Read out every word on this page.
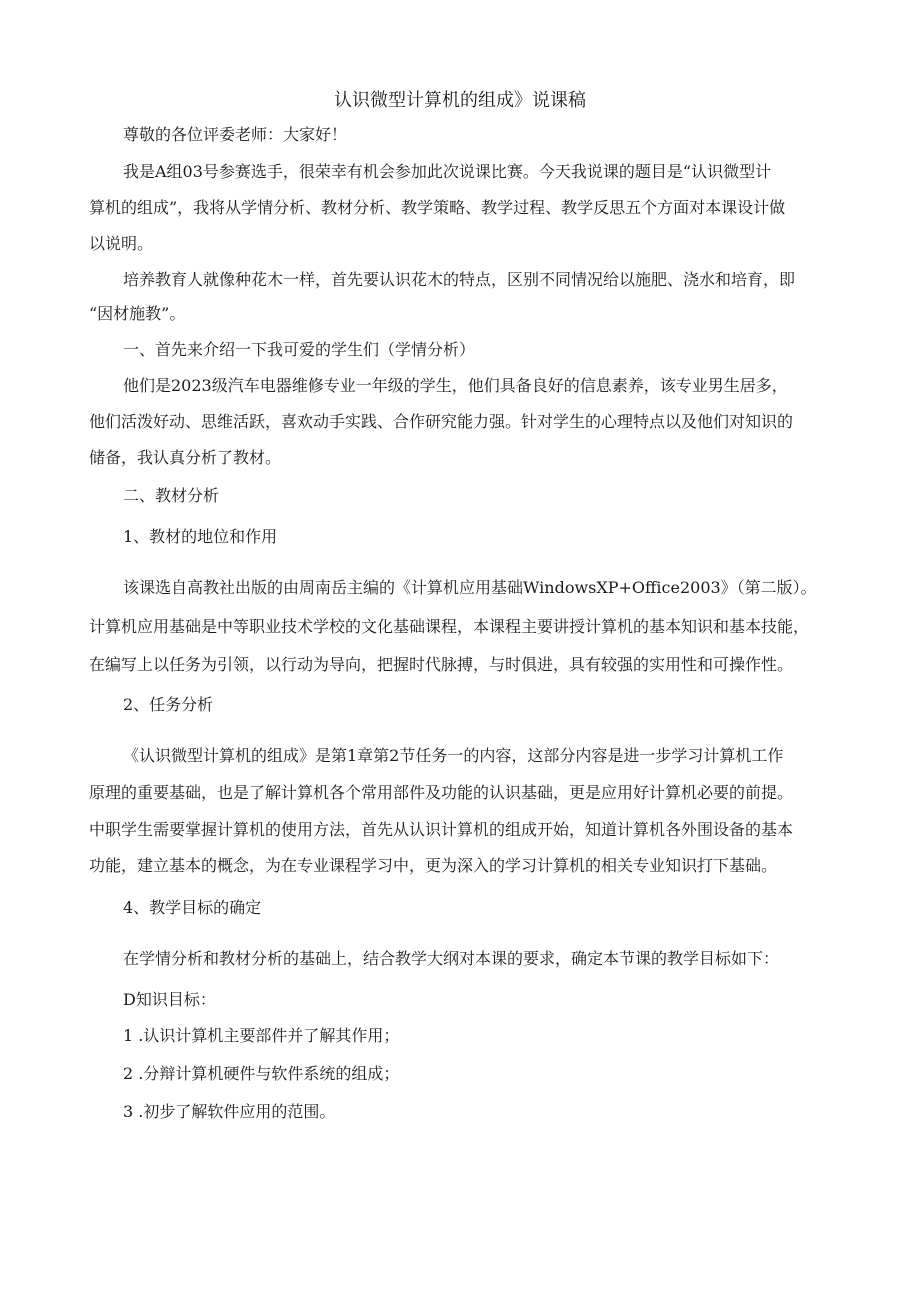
认识微型计算机的组成》说课稿
尊敬的各位评委老师：大家好！
我是A组03号参赛选手，很荣幸有机会参加此次说课比赛。今天我说课的题目是“认识微型计
算机的组成”，我将从学情分析、教材分析、教学策略、教学过程、教学反思五个方面对本课设计做
以说明。
培养教育人就像种花木一样，首先要认识花木的特点，区别不同情况给以施肥、浇水和培育，即
“因材施教”。
一、首先来介绍一下我可爱的学生们（学情分析）
他们是2023级汽车电器维修专业一年级的学生，他们具备良好的信息素养，该专业男生居多，
他们活泼好动、思维活跃，喜欢动手实践、合作研究能力强。针对学生的心理特点以及他们对知识的
储备，我认真分析了教材。
二、教材分析
1、教材的地位和作用
该课选自高教社出版的由周南岳主编的《计算机应用基础WindowsXP+Office2003》（第二版）。
计算机应用基础是中等职业技术学校的文化基础课程，本课程主要讲授计算机的基本知识和基本技能，
在编写上以任务为引领，以行动为导向，把握时代脉搏，与时俱进，具有较强的实用性和可操作性。
2、任务分析
《认识微型计算机的组成》是第1章第2节任务一的内容，这部分内容是进一步学习计算机工作
原理的重要基础，也是了解计算机各个常用部件及功能的认识基础，更是应用好计算机必要的前提。
中职学生需要掌握计算机的使用方法，首先从认识计算机的组成开始，知道计算机各外围设备的基本
功能，建立基本的概念，为在专业课程学习中，更为深入的学习计算机的相关专业知识打下基础。
4、教学目标的确定
在学情分析和教材分析的基础上，结合教学大纲对本课的要求，确定本节课的教学目标如下：
D知识目标：
1 .认识计算机主要部件并了解其作用；
2 .分辩计算机硬件与软件系统的组成；
3 .初步了解软件应用的范围。
